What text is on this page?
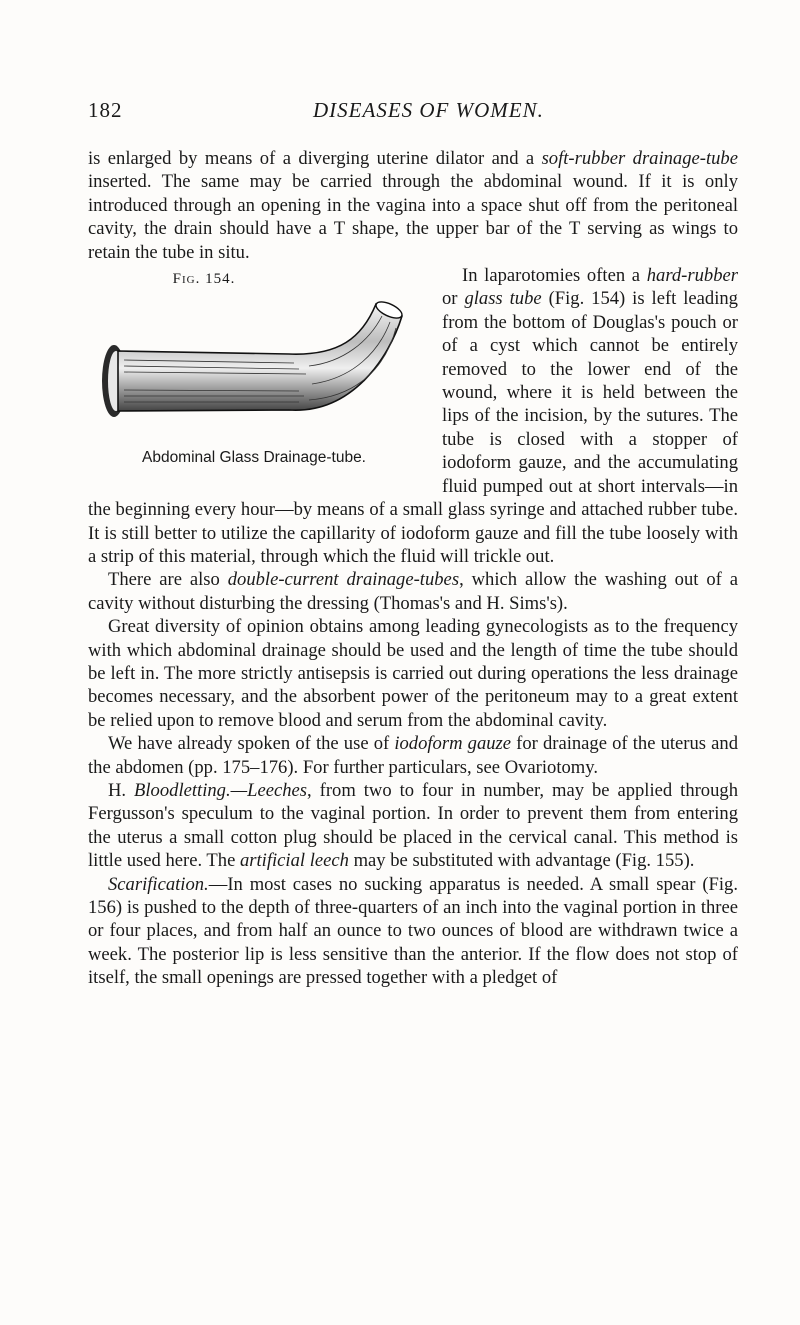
182	DISEASES OF WOMEN.

is enlarged by means of a diverging uterine dilator and a soft-rubber drainage-tube inserted. The same may be carried through the abdominal wound. If it is only introduced through an opening in the vagina into a space shut off from the peritoneal cavity, the drain should have a T shape, the upper bar of the T serving as wings to retain the tube in situ.

Fig. 154.
Abdominal Glass Drainage-tube.

In laparotomies often a hard-rubber or glass tube (Fig. 154) is left leading from the bottom of Douglas's pouch or of a cyst which cannot be entirely removed to the lower end of the wound, where it is held between the lips of the incision, by the sutures. The tube is closed with a stopper of iodoform gauze, and the accumulating fluid pumped out at short intervals—in the beginning every hour—by means of a small glass syringe and attached rubber tube. It is still better to utilize the capillarity of iodoform gauze and fill the tube loosely with a strip of this material, through which the fluid will trickle out.

There are also double-current drainage-tubes, which allow the washing out of a cavity without disturbing the dressing (Thomas's and H. Sims's).

Great diversity of opinion obtains among leading gynecologists as to the frequency with which abdominal drainage should be used and the length of time the tube should be left in. The more strictly antisepsis is carried out during operations the less drainage becomes necessary, and the absorbent power of the peritoneum may to a great extent be relied upon to remove blood and serum from the abdominal cavity.

We have already spoken of the use of iodoform gauze for drainage of the uterus and the abdomen (pp. 175–176). For further particulars, see Ovariotomy.

H. Bloodletting.—Leeches, from two to four in number, may be applied through Fergusson's speculum to the vaginal portion. In order to prevent them from entering the uterus a small cotton plug should be placed in the cervical canal. This method is little used here. The artificial leech may be substituted with advantage (Fig. 155).

Scarification.—In most cases no sucking apparatus is needed. A small spear (Fig. 156) is pushed to the depth of three-quarters of an inch into the vaginal portion in three or four places, and from half an ounce to two ounces of blood are withdrawn twice a week. The posterior lip is less sensitive than the anterior. If the flow does not stop of itself, the small openings are pressed together with a pledget of
